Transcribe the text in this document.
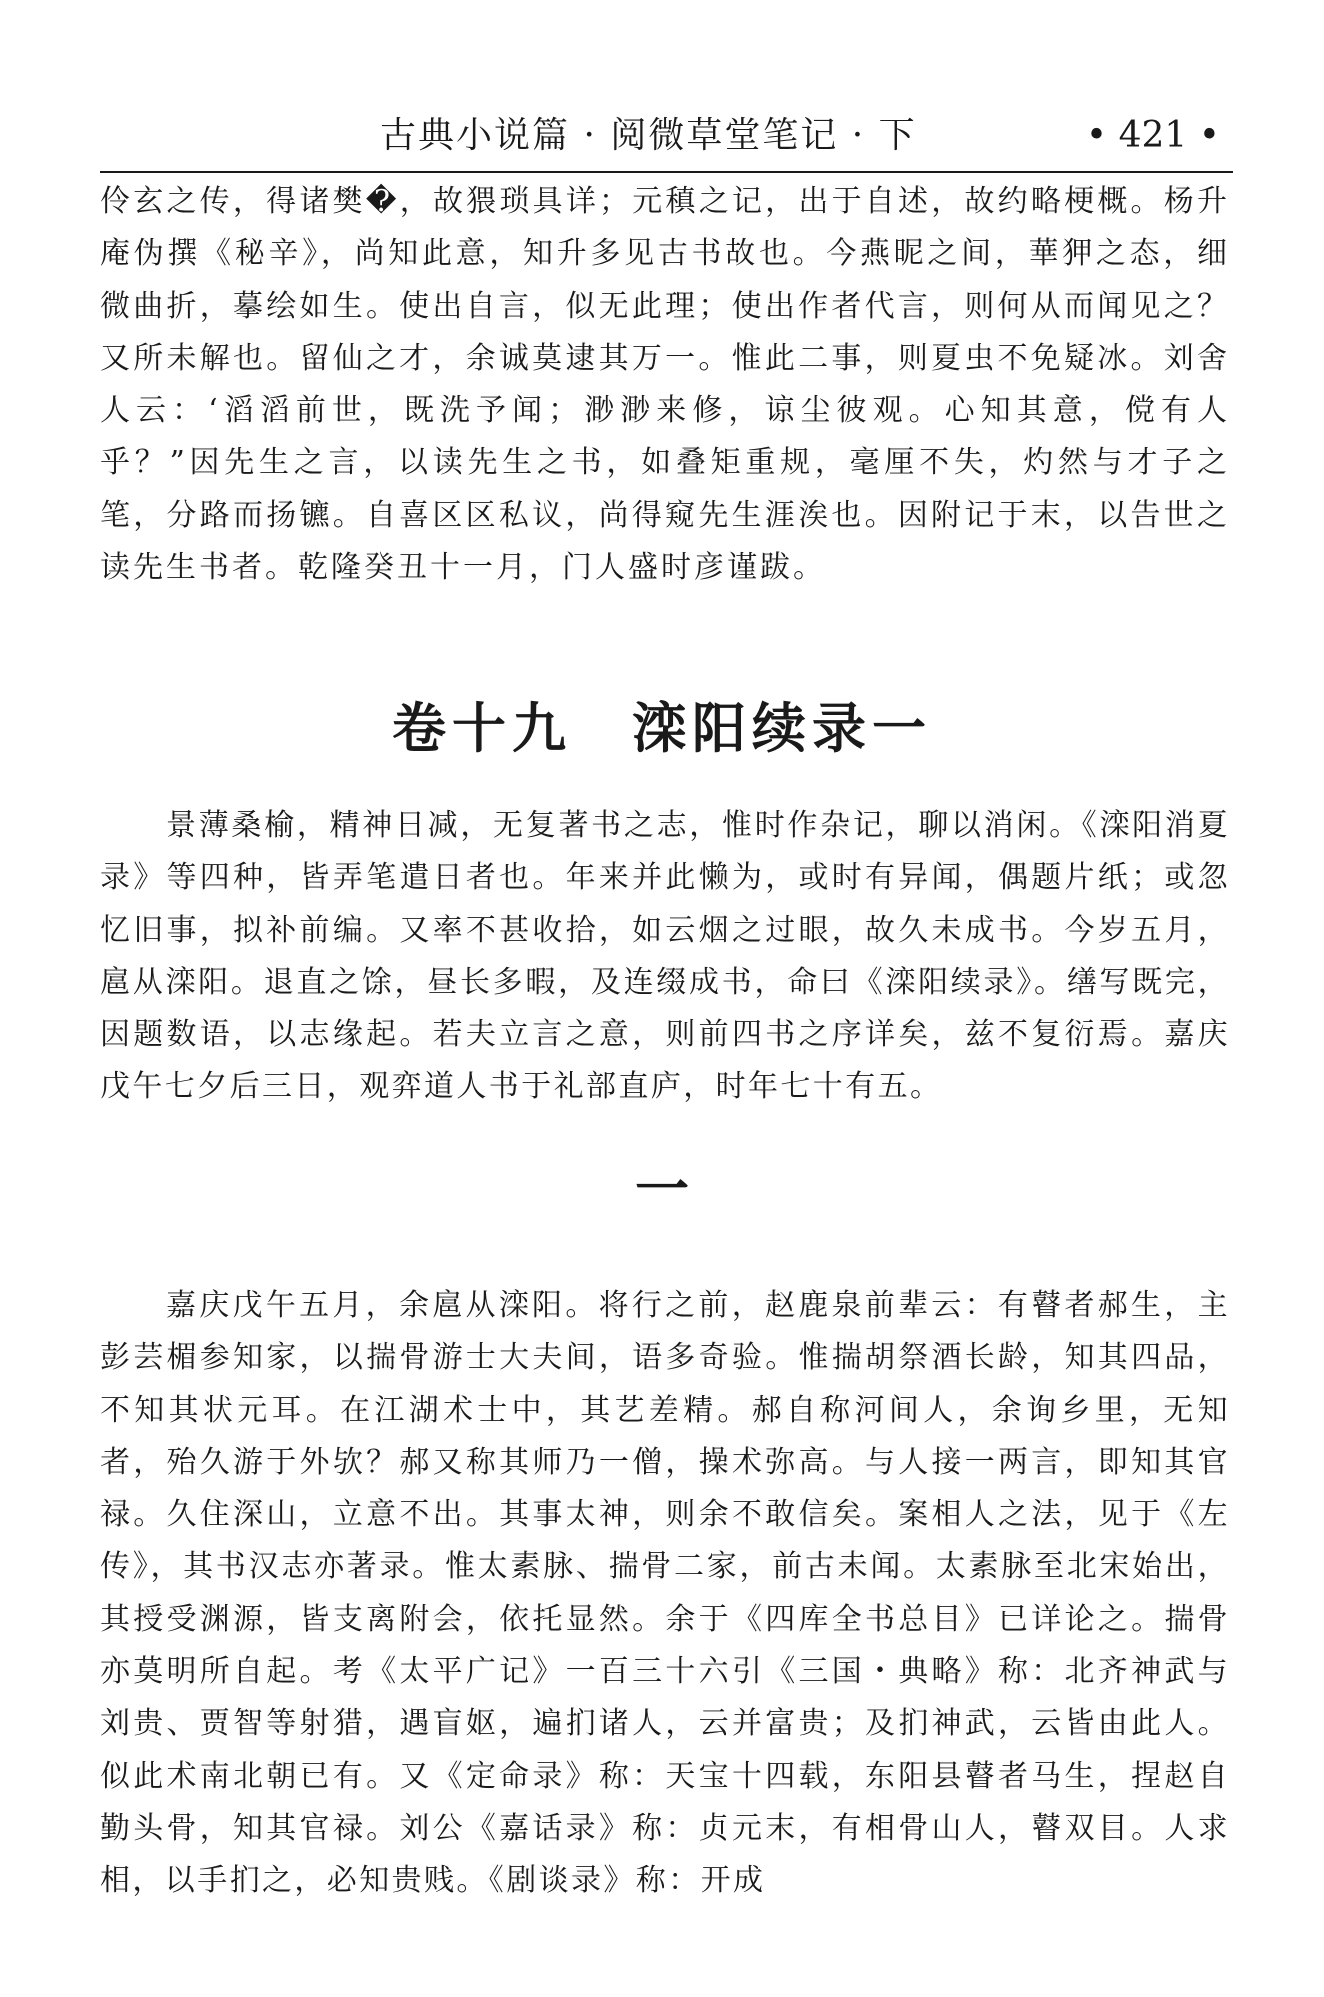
古典小说篇 · 阅微草堂笔记 · 下	• 421 •

伶玄之传，得诸樊�，故猥琐具详；元稹之记，出于自述，故约略梗概。杨升庵伪撰《秘辛》，尚知此意，知升多见古书故也。今燕昵之间，華狎之态，细微曲折，摹绘如生。使出自言，似无此理；使出作者代言，则何从而闻见之？又所未解也。留仙之才，余诚莫逮其万一。惟此二事，则夏虫不免疑冰。刘舍人云：‘滔滔前世，既洗予闻；渺渺来修，谅尘彼观。心知其意，傥有人乎？”因先生之言，以读先生之书，如叠矩重规，毫厘不失，灼然与才子之笔，分路而扬镳。自喜区区私议，尚得窥先生涯涘也。因附记于末，以告世之读先生书者。乾隆癸丑十一月，门人盛时彦谨跋。

卷十九　滦阳续录一

景薄桑榆，精神日减，无复著书之志，惟时作杂记，聊以消闲。《滦阳消夏录》等四种，皆弄笔遣日者也。年来并此懒为，或时有异闻，偶题片纸；或忽忆旧事，拟补前编。又率不甚收拾，如云烟之过眼，故久未成书。今岁五月，扈从滦阳。退直之馀，昼长多暇，及连缀成书，命曰《滦阳续录》。缮写既完，因题数语，以志缘起。若夫立言之意，则前四书之序详矣，兹不复衍焉。嘉庆戊午七夕后三日，观弈道人书于礼部直庐，时年七十有五。

一

嘉庆戊午五月，余扈从滦阳。将行之前，赵鹿泉前辈云：有瞽者郝生，主彭芸楣参知家，以揣骨游士大夫间，语多奇验。惟揣胡祭酒长龄，知其四品，不知其状元耳。在江湖术士中，其艺差精。郝自称河间人，余询乡里，无知者，殆久游于外欤？郝又称其师乃一僧，操术弥高。与人接一两言，即知其官禄。久住深山，立意不出。其事太神，则余不敢信矣。案相人之法，见于《左传》，其书汉志亦著录。惟太素脉、揣骨二家，前古未闻。太素脉至北宋始出，其授受渊源，皆支离附会，依托显然。余于《四库全书总目》已详论之。揣骨亦莫明所自起。考《太平广记》一百三十六引《三国・典略》称：北齐神武与刘贵、贾智等射猎，遇盲妪，遍扪诸人，云并富贵；及扪神武，云皆由此人。似此术南北朝已有。又《定命录》称：天宝十四载，东阳县瞽者马生，捏赵自勤头骨，知其官禄。刘公《嘉话录》称：贞元末，有相骨山人，瞽双目。人求相，以手扪之，必知贵贱。《剧谈录》称：开成
